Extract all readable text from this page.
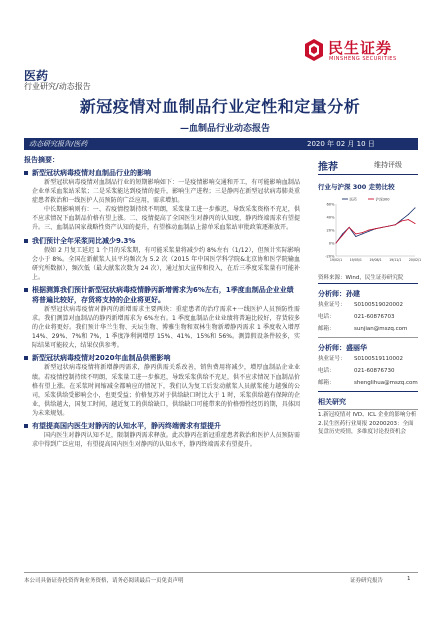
民生证券
MINSHENG SECURITIES
医药
行业研究/动态报告
新冠疫情对血制品行业定性和定量分析
—血制品行业动态报告
动态研究报告/医药	2020 年 02 月 10 日
报告摘要：
新型冠状病毒疫情对血制品行业的影响
新型冠状病毒疫情对血制品行业的短期影响如下：一是疫情影响交通和开工，有可能影响血制品企业单采血浆站采浆；二是采浆能达到疫情的提升，影响生产进程；三是静丙在新型冠状病毒肺炎重症患者救治和一线医护人员预防的广泛应用，需求增加。
中长期影响则有：一、若疫情控制持续不明朗，采浆量工进一步推迟，导致采浆资格不充足，供不应求情况下血制品价格有望上涨。二、疫情提高了全国医生对静丙的认知度，静丙终端需求有望提升。三、血制品国家战略性资产认知的提升，有望推动血制品上游单采血浆站审批政策逐渐放开。
我们预计全年采浆同比减少9.3%
假如 2 月复工延迟 1 个月的采浆期，有可能采浆量将减少约 8%左右（1/12），但预计实际影响会小于 8%。全国在新献浆人员平均频次为 5.2 次（2015 年中国医学科学院&北京协和医学院输血研究所数据），频次低（最大献浆次数为 24 次），通过加大宣传和投入，在后三季度采浆量有可能补上。
根据测算我们预计新型冠状病毒疫情静丙新增需求为6%左右，1季度血制品企业业绩将普遍比较好，存货将支持的企业将更好。
新型冠状病毒疫情对静丙的新增需求主要两块：重症患者的治疗需求+一线医护人员预防性需求。我们测算对血制品的静丙新增需求为 6%左右。1 季度血制品企业业绩将普遍比较好，存货较多的企业将更好。我们预计华兰生物、天坛生物、博雅生物和双林生物新增静丙需求 1 季度收入增厚 14%、29%、7%和 7%，1 季度净利润增厚 15%、41%、15%和 56%。测算假设条件较多，实际结果可能较大，结果仅供参考。
新型冠状病毒疫情对2020年血制品供需影响
新型冠状病毒疫情将新增静丙需求，静丙供需关系改善，销售费用将减少，增厚血制品企业业绩。若疫情控制持续不明朗，采浆量工进一步推迟，导致采浆供给不充足，供不应求情况下血制品价格有望上涨。在采浆时间缩减全都响应的情况下，我们认为复工后发动献浆人员献浆能力越强的公司，采浆供给受影响会小，也更受益；价格复苏对于供给缺口时比大于 1 时，采浆供给越有保障的企业，供给越大，国复工时间，越近复工的供给缺口，供给缺口可能带来的价格弹性经历的期，具体因为未来规划。
有望提高国内医生对静丙的认知水平，静丙终端需求有望提升
国内医生对静丙认知不足，限制静丙需求释放。此次静丙在新冠重症患者救治和医护人员预防需求中得到广泛应用，有望提高国内医生对静丙的认知水平，静丙终端需求有望提升。
推荐	维持评级
行业与沪深 300 走势比较
60%
40%
20%
0%
-20%
19/02/1 19/05/1 19/08/1 19/11/1 20/02/1
医药	沪深300
资料来源：Wind，民生证券研究院
分析师：孙建
执业证号： S0100519020002
电话：	021-60876703
邮箱：	sunjian@mszq.com
分析师：盛丽华
执业证号： S0100519110002
电话：	021-60876730
邮箱：	shenglihua@mszq.com
相关研究
1.新冠疫情对 IVD、ICL 企业的影响分析
2.民生医药行业周报 20200203：全面复盘历史疫情，多维度讨论投资机会
本公司具备证券投资咨询业务资格，请务必阅读最后一页免责声明	证券研究报告	1
